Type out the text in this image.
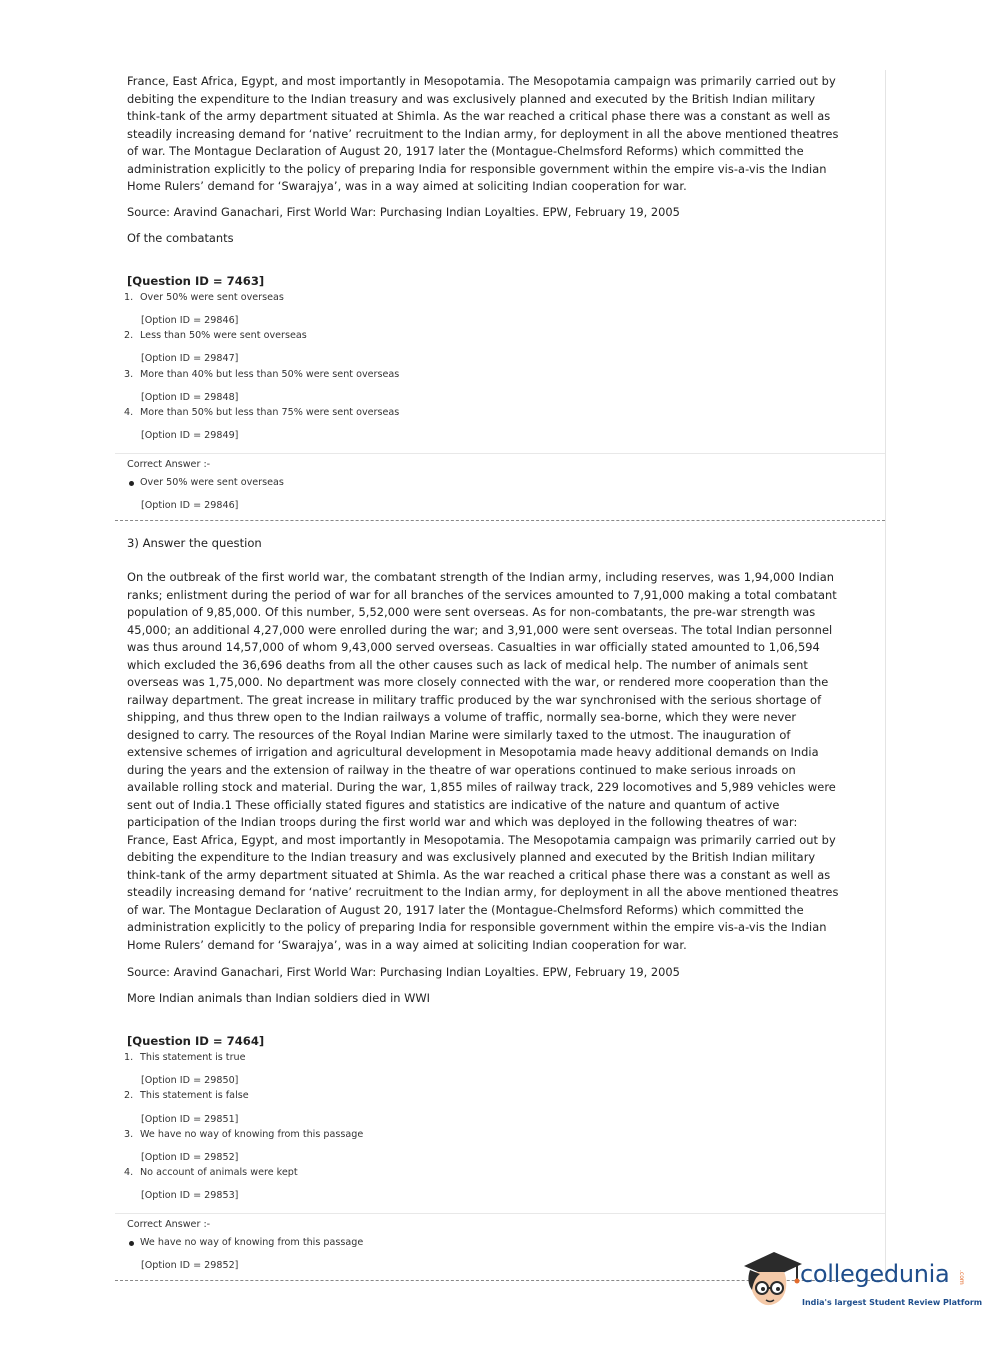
France, East Africa, Egypt, and most importantly in Mesopotamia. The Mesopotamia campaign was primarily carried out by
debiting the expenditure to the Indian treasury and was exclusively planned and executed by the British Indian military
think-tank of the army department situated at Shimla. As the war reached a critical phase there was a constant as well as
steadily increasing demand for ‘native’ recruitment to the Indian army, for deployment in all the above mentioned theatres
of war. The Montague Declaration of August 20, 1917 later the (Montague-Chelmsford Reforms) which committed the
administration explicitly to the policy of preparing India for responsible government within the empire vis-a-vis the Indian
Home Rulers’ demand for ‘Swarajya’, was in a way aimed at soliciting Indian cooperation for war.
Source: Aravind Ganachari, First World War: Purchasing Indian Loyalties. EPW, February 19, 2005
Of the combatants
[Question ID = 7463]
1. Over 50% were sent overseas
[Option ID = 29846]
2. Less than 50% were sent overseas
[Option ID = 29847]
3. More than 40% but less than 50% were sent overseas
[Option ID = 29848]
4. More than 50% but less than 75% were sent overseas
[Option ID = 29849]
Correct Answer :-
Over 50% were sent overseas
[Option ID = 29846]
3) Answer the question
On the outbreak of the first world war, the combatant strength of the Indian army, including reserves, was 1,94,000 Indian
ranks; enlistment during the period of war for all branches of the services amounted to 7,91,000 making a total combatant
population of 9,85,000. Of this number, 5,52,000 were sent overseas. As for non-combatants, the pre-war strength was
45,000; an additional 4,27,000 were enrolled during the war; and 3,91,000 were sent overseas. The total Indian personnel
was thus around 14,57,000 of whom 9,43,000 served overseas. Casualties in war officially stated amounted to 1,06,594
which excluded the 36,696 deaths from all the other causes such as lack of medical help. The number of animals sent
overseas was 1,75,000. No department was more closely connected with the war, or rendered more cooperation than the
railway department. The great increase in military traffic produced by the war synchronised with the serious shortage of
shipping, and thus threw open to the Indian railways a volume of traffic, normally sea-borne, which they were never
designed to carry. The resources of the Royal Indian Marine were similarly taxed to the utmost. The inauguration of
extensive schemes of irrigation and agricultural development in Mesopotamia made heavy additional demands on India
during the years and the extension of railway in the theatre of war operations continued to make serious inroads on
available rolling stock and material. During the war, 1,855 miles of railway track, 229 locomotives and 5,989 vehicles were
sent out of India.1 These officially stated figures and statistics are indicative of the nature and quantum of active
participation of the Indian troops during the first world war and which was deployed in the following theatres of war:
France, East Africa, Egypt, and most importantly in Mesopotamia. The Mesopotamia campaign was primarily carried out by
debiting the expenditure to the Indian treasury and was exclusively planned and executed by the British Indian military
think-tank of the army department situated at Shimla. As the war reached a critical phase there was a constant as well as
steadily increasing demand for ‘native’ recruitment to the Indian army, for deployment in all the above mentioned theatres
of war. The Montague Declaration of August 20, 1917 later the (Montague-Chelmsford Reforms) which committed the
administration explicitly to the policy of preparing India for responsible government within the empire vis-a-vis the Indian
Home Rulers’ demand for ‘Swarajya’, was in a way aimed at soliciting Indian cooperation for war.
Source: Aravind Ganachari, First World War: Purchasing Indian Loyalties. EPW, February 19, 2005
More Indian animals than Indian soldiers died in WWI
[Question ID = 7464]
1. This statement is true
[Option ID = 29850]
2. This statement is false
[Option ID = 29851]
3. We have no way of knowing from this passage
[Option ID = 29852]
4. No account of animals were kept
[Option ID = 29853]
Correct Answer :-
We have no way of knowing from this passage
[Option ID = 29852]	collegedunia .com
India's largest Student Review Platform
